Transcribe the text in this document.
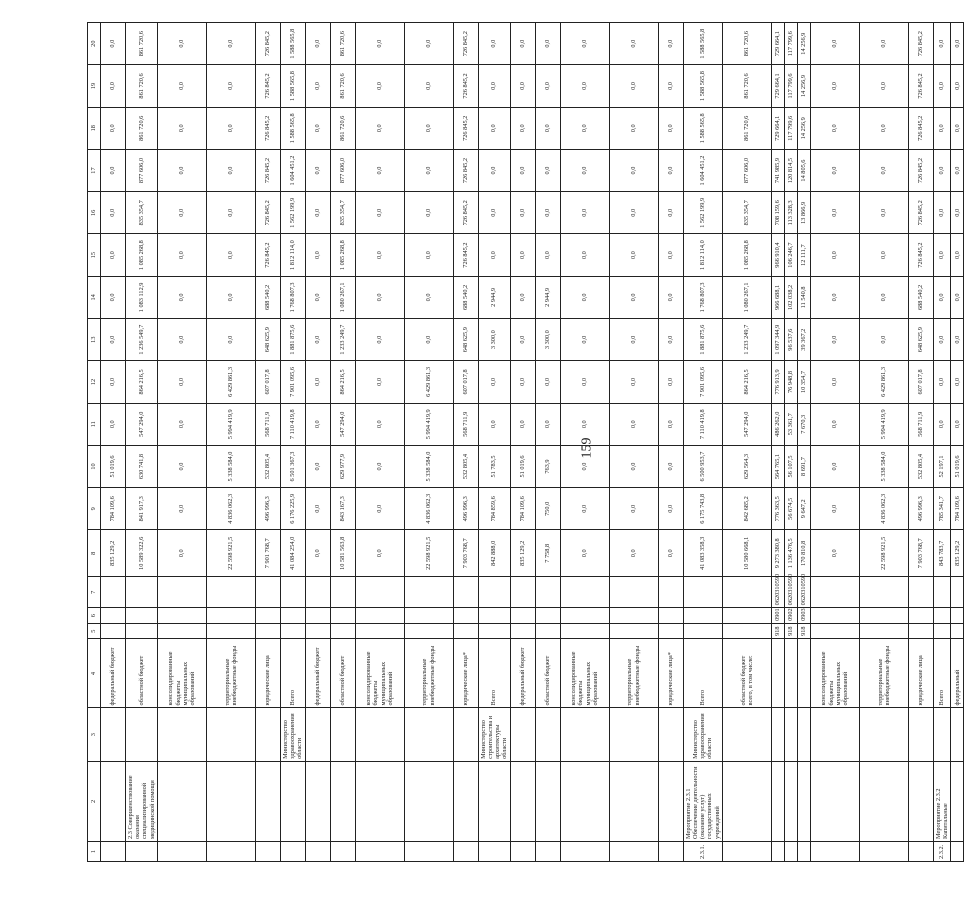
159
1	2	3	4	5	6	7	8	9	10	11	12	13	14	15	16	17	18	19	20
			федеральный бюджет				835 129,2	784 109,6	51 019,6	0,0	0,0	0,0	0,0	0,0	0,0	0,0	0,0	0,0	0,0
	2.3 Совершенствование оказания специализированной медицинской помощи		областной бюджет				10 589 322,6	841 917,3	630 741,8	547 294,0	864 216,5	1 236 549,7	1 083 112,9	1 085 268,8	835 354,7	877 606,0	861 720,6	861 720,6	861 720,6
			консолидированные бюджеты муниципальных образований				0,0	0,0	0,0	0,0	0,0	0,0	0,0	0,0	0,0	0,0	0,0	0,0	0,0
			территориальные внебюджетные фонды				22 598 921,5	4 836 062,3	5 338 584,0	5 994 419,9	6 429 861,3	0,0	0,0	0,0	0,0	0,0	0,0	0,0	0,0
			юридические лица				7 901 768,7	496 996,3	532 805,4	568 711,9	607 017,8	648 625,9	688 540,2	726 845,2	726 845,2	726 845,2	726 845,2	726 845,2	726 845,2
		Министерство здравоохранения области	Всего				41 084 254,0	6 176 225,9	6 501 367,3	7 110 419,8	7 901 095,6	1 881 875,6	1 768 807,3	1 812 114,0	1 562 199,9	1 604 451,2	1 588 565,8	1 588 565,8	1 588 565,8
			федеральный бюджет				0,0	0,0	0,0	0,0	0,0	0,0	0,0	0,0	0,0	0,0	0,0	0,0	0,0
			областной бюджет				10 581 563,8	843 167,3	629 977,9	547 294,0	864 216,5	1 233 249,7	1 080 267,1	1 085 268,8	835 354,7	877 606,0	861 720,6	861 720,6	861 720,6
			консолидированные бюджеты муниципальных образований				0,0	0,0	0,0	0,0	0,0	0,0	0,0	0,0	0,0	0,0	0,0	0,0	0,0
			территориальные внебюджетные фонды				22 598 921,5	4 836 062,3	5 338 584,0	5 994 419,9	6 429 861,3	0,0	0,0	0,0	0,0	0,0	0,0	0,0	0,0
			юридические лица*				7 903 768,7	496 996,3	532 805,4	568 711,9	607 017,8	648 625,9	688 540,2	726 845,2	726 845,2	726 845,2	726 845,2	726 845,2	726 845,2
		Министерство строительства и архитектуры области	Всего				842 888,0	784 859,6	51 783,5	0,0	0,0	3 300,0	2 944,9	0,0	0,0	0,0	0,0	0,0	0,0
			федеральный бюджет				835 129,2	784 109,6	51 019,6	0,0	0,0	0,0	0,0	0,0	0,0	0,0	0,0	0,0	0,0
			областной бюджет				7 758,8	750,0	763,9	0,0	0,0	3 300,0	2 944,9	0,0	0,0	0,0	0,0	0,0	0,0
			консолидированные бюджеты муниципальных образований				0,0	0,0	0,0	0,0	0,0	0,0	0,0	0,0	0,0	0,0	0,0	0,0	0,0
			территориальные внебюджетные фонды				0,0	0,0	0,0	0,0	0,0	0,0	0,0	0,0	0,0	0,0	0,0	0,0	0,0
			юридические лица*				0,0	0,0	0,0	0,0	0,0	0,0	0,0	0,0	0,0	0,0	0,0	0,0	0,0
2.3.1.	Мероприятие 2.3.1 Обеспечение деятельности (оказание услуг) государственных учреждений	Министерство здравоохранения области	Всего				41 083 358,3	6 175 743,8	6 500 953,7	7 110 419,8	7 901 095,6	1 881 875,6	1 768 807,3	1 812 114,0	1 562 199,9	1 604 451,2	1 588 565,8	1 588 565,8	1 588 565,8
			областной бюджет всего, в том числе:				10 580 668,1	842 685,2	629 564,3	547 294,0	864 216,5	1 233 249,7	1 080 267,1	1 085 268,8	835 354,7	877 606,0	861 720,6	861 720,6	861 720,6
				918	0901	0620310590	9 273 380,8	776 363,5	564 765,1	486 262,0	776 913,9	1 097 344,9	966 688,1	966 910,4	708 159,6	741 985,9	729 664,1	729 664,1	729 664,1
				918	0902	0620310590	1 136 476,5	56 674,5	56 107,5	53 361,7	76 948,8	96 537,6	102 038,2	106 246,7	113 328,3	120 814,5	117 799,6	117 799,6	117 799,6
				918	0903	0620310590	170 810,8	9 647,2	8 691,7	7 670,3	10 354,7	39 367,2	11 540,8	12 111,7	13 866,9	14 805,6	14 256,9	14 256,9	14 256,9
			консолидированные бюджеты муниципальных образований				0,0	0,0	0,0	0,0	0,0	0,0	0,0	0,0	0,0	0,0	0,0	0,0	0,0
			территориальные внебюджетные фонды				22 598 921,5	4 836 062,3	5 338 584,0	5 994 419,9	6 429 861,3	0,0	0,0	0,0	0,0	0,0	0,0	0,0	0,0
			юридические лица				7 903 768,7	496 996,3	532 805,4	568 711,9	607 017,8	648 625,9	688 540,2	726 845,2	726 845,2	726 845,2	726 845,2	726 845,2	726 845,2
2.3.2.	Мероприятие 2.3.2 Капитальные		Всего				843 783,7	785 341,7	52 197,1	0,0	0,0	0,0	0,0	0,0	0,0	0,0	0,0	0,0	0,0
			федеральный				835 129,2	784 109,6	51 019,6	0,0	0,0	0,0	0,0	0,0	0,0	0,0	0,0	0,0	0,0
